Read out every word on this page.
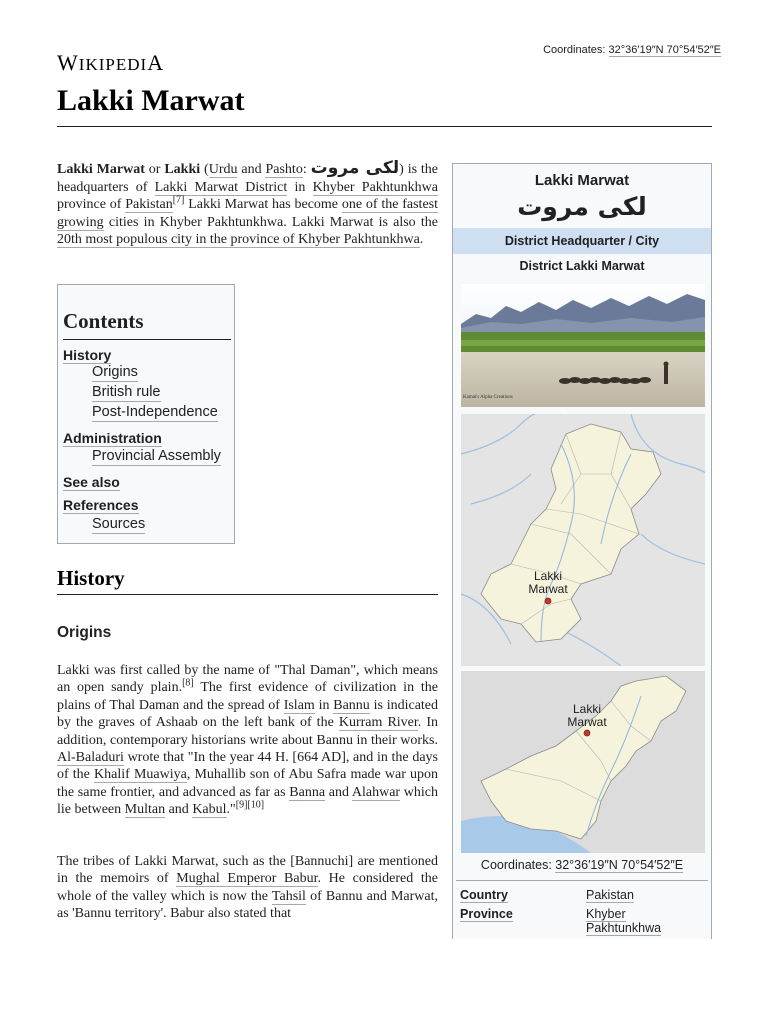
WIKIPEDIA	Coordinates: 32°36′19″N 70°54′52″E
Lakki Marwat

Lakki Marwat or Lakki (Urdu and Pashto: لکی مروت) is the headquarters of Lakki Marwat District in Khyber Pakhtunkhwa province of Pakistan[7] Lakki Marwat has become one of the fastest growing cities in Khyber Pakhtunkhwa. Lakki Marwat is also the 20th most populous city in the province of Khyber Pakhtunkhwa.

Contents
History
Origins
British rule
Post-Independence
Administration
Provincial Assembly
See also
References
Sources
History
Origins

Lakki was first called by the name of "Thal Daman", which means an open sandy plain.[8] The first evidence of civilization in the plains of Thal Daman and the spread of Islam in Bannu is indicated by the graves of Ashaab on the left bank of the Kurram River. In addition, contemporary historians write about Bannu in their works. Al-Baladuri wrote that "In the year 44 H. [664 AD], and in the days of the Khalif Muawiya, Muhallib son of Abu Safra made war upon the same frontier, and advanced as far as Banna and Alahwar which lie between Multan and Kabul."[9][10]

The tribes of Lakki Marwat, such as the [Bannuchi] are mentioned in the memoirs of Mughal Emperor Babur. He considered the whole of the valley which is now the Tahsil of Bannu and Marwat, as 'Bannu territory'. Babur also stated that

Lakki Marwat
لکی مروت
District Headquarter / City
District Lakki Marwat
Kamal's Alpha Creations
Lakki
Marwat
Lakki
Marwat
Coordinates: 32°36′19″N 70°54′52″E
Country	Pakistan
Province	Khyber
Pakhtunkhwa
